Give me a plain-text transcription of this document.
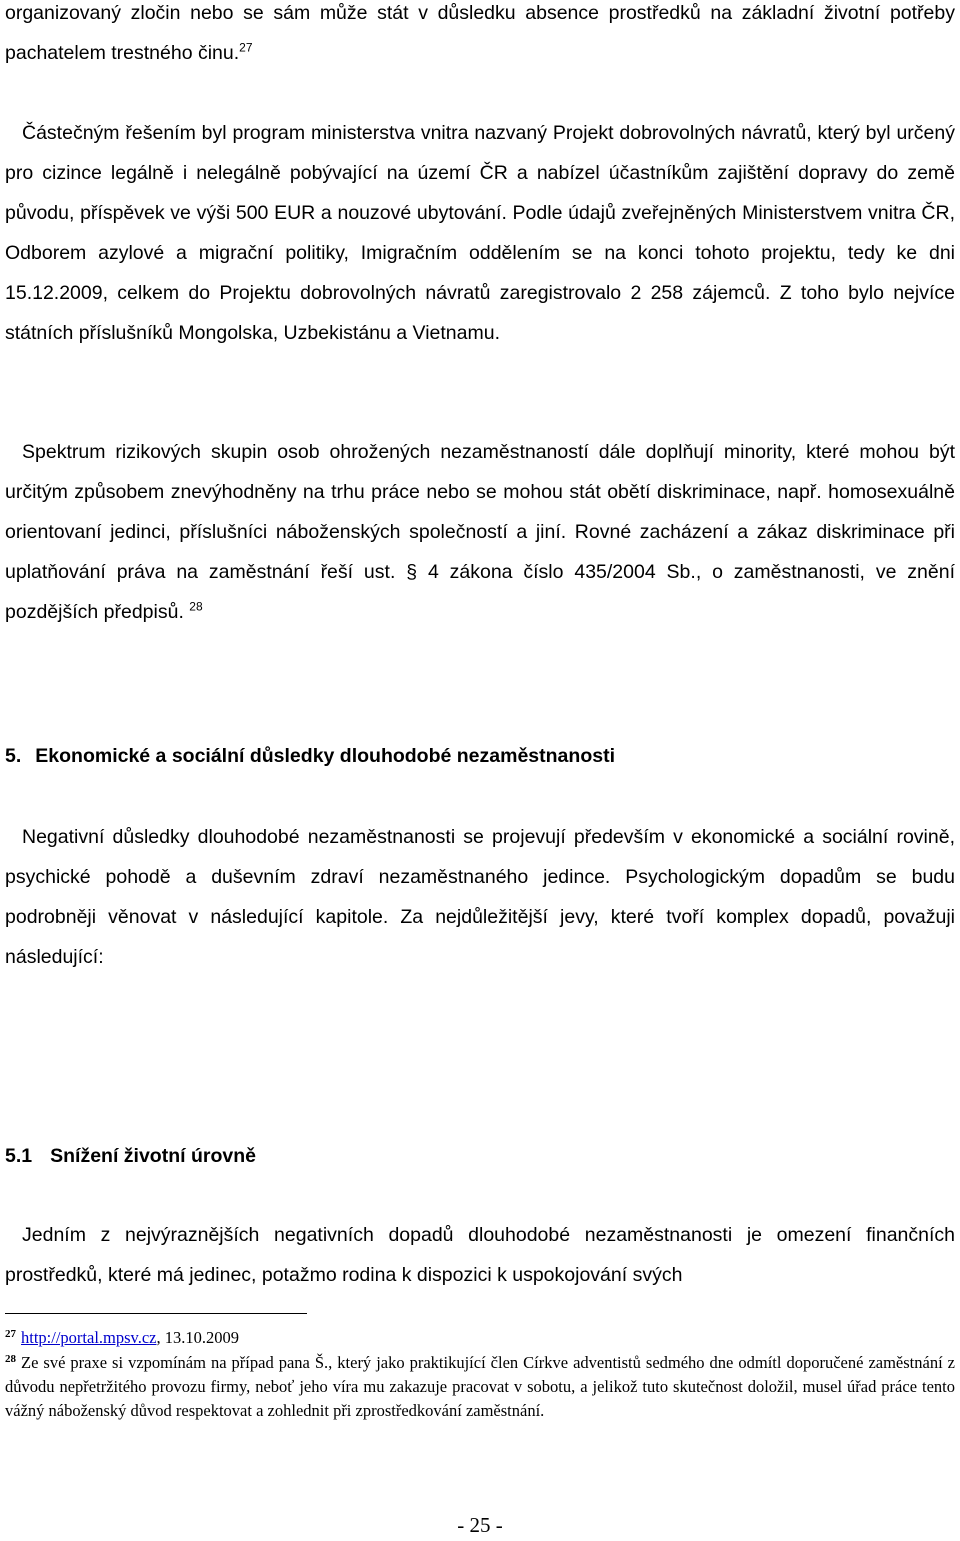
organizovaný zločin nebo se sám může stát v důsledku absence prostředků na základní životní potřeby pachatelem trestného činu.$^{27}$

Částečným řešením byl program ministerstva vnitra nazvaný Projekt dobrovolných návratů, který byl určený pro cizince legálně i nelegálně pobývající na území ČR a nabízel účastníkům zajištění dopravy do země původu, příspěvek ve výši 500 EUR a nouzové ubytování. Podle údajů zveřejněných Ministerstvem vnitra ČR, Odborem azylové a migrační politiky, Imigračním oddělením se na konci tohoto projektu, tedy ke dni 15.12.2009, celkem do Projektu dobrovolných návratů zaregistrovalo 2 258 zájemců. Z toho bylo nejvíce státních příslušníků Mongolska, Uzbekistánu a Vietnamu.

Spektrum rizikových skupin osob ohrožených nezaměstnaností dále doplňují minority, které mohou být určitým způsobem znevýhodněny na trhu práce nebo se mohou stát obětí diskriminace, např. homosexuálně orientovaní jedinci, příslušníci náboženských společností a jiní. Rovné zacházení a zákaz diskriminace při uplatňování práva na zaměstnání řeší ust. § 4 zákona číslo 435/2004 Sb., o zaměstnanosti, ve znění pozdějších předpisů. $^{28}$

5. Ekonomické a sociální důsledky dlouhodobé nezaměstnanosti

Negativní důsledky dlouhodobé nezaměstnanosti se projevují především v ekonomické a sociální rovině, psychické pohodě a duševním zdraví nezaměstnaného jedince. Psychologickým dopadům se budu podrobněji věnovat v následující kapitole. Za nejdůležitější jevy, které tvoří komplex dopadů, považuji následující:

5.1 Snížení životní úrovně

Jedním z nejvýraznějších negativních dopadů dlouhodobé nezaměstnanosti je omezení finančních prostředků, které má jedinec, potažmo rodina k dispozici k uspokojování svých

$^{27}$ http://portal.mpsv.cz, 13.10.2009

$^{28}$ Ze své praxe si vzpomínám na případ pana Š., který jako praktikující člen Církve adventistů sedmého dne odmítl doporučené zaměstnání z důvodu nepřetržitého provozu firmy, neboť jeho víra mu zakazuje pracovat v sobotu, a jelikož tuto skutečnost doložil, musel úřad práce tento vážný náboženský důvod respektovat a zohlednit při zprostředkování zaměstnání.

- 25 -
